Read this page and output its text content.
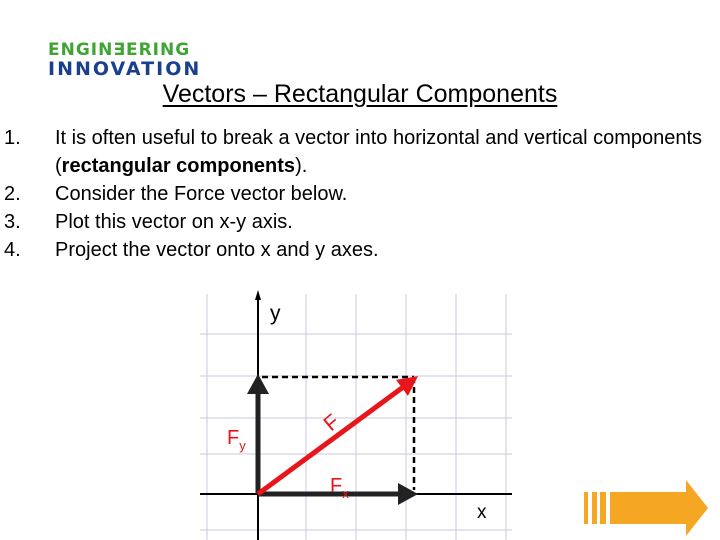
ENGIN∃ERING
INNOVATION
Vectors – Rectangular Components
1. It is often useful to break a vector into horizontal and vertical components (rectangular components).
2. Consider the Force vector below.
3. Plot this vector on x-y axis.
4. Project the vector onto x and y axes.
y
x
F
$F_y$
$F_x$
